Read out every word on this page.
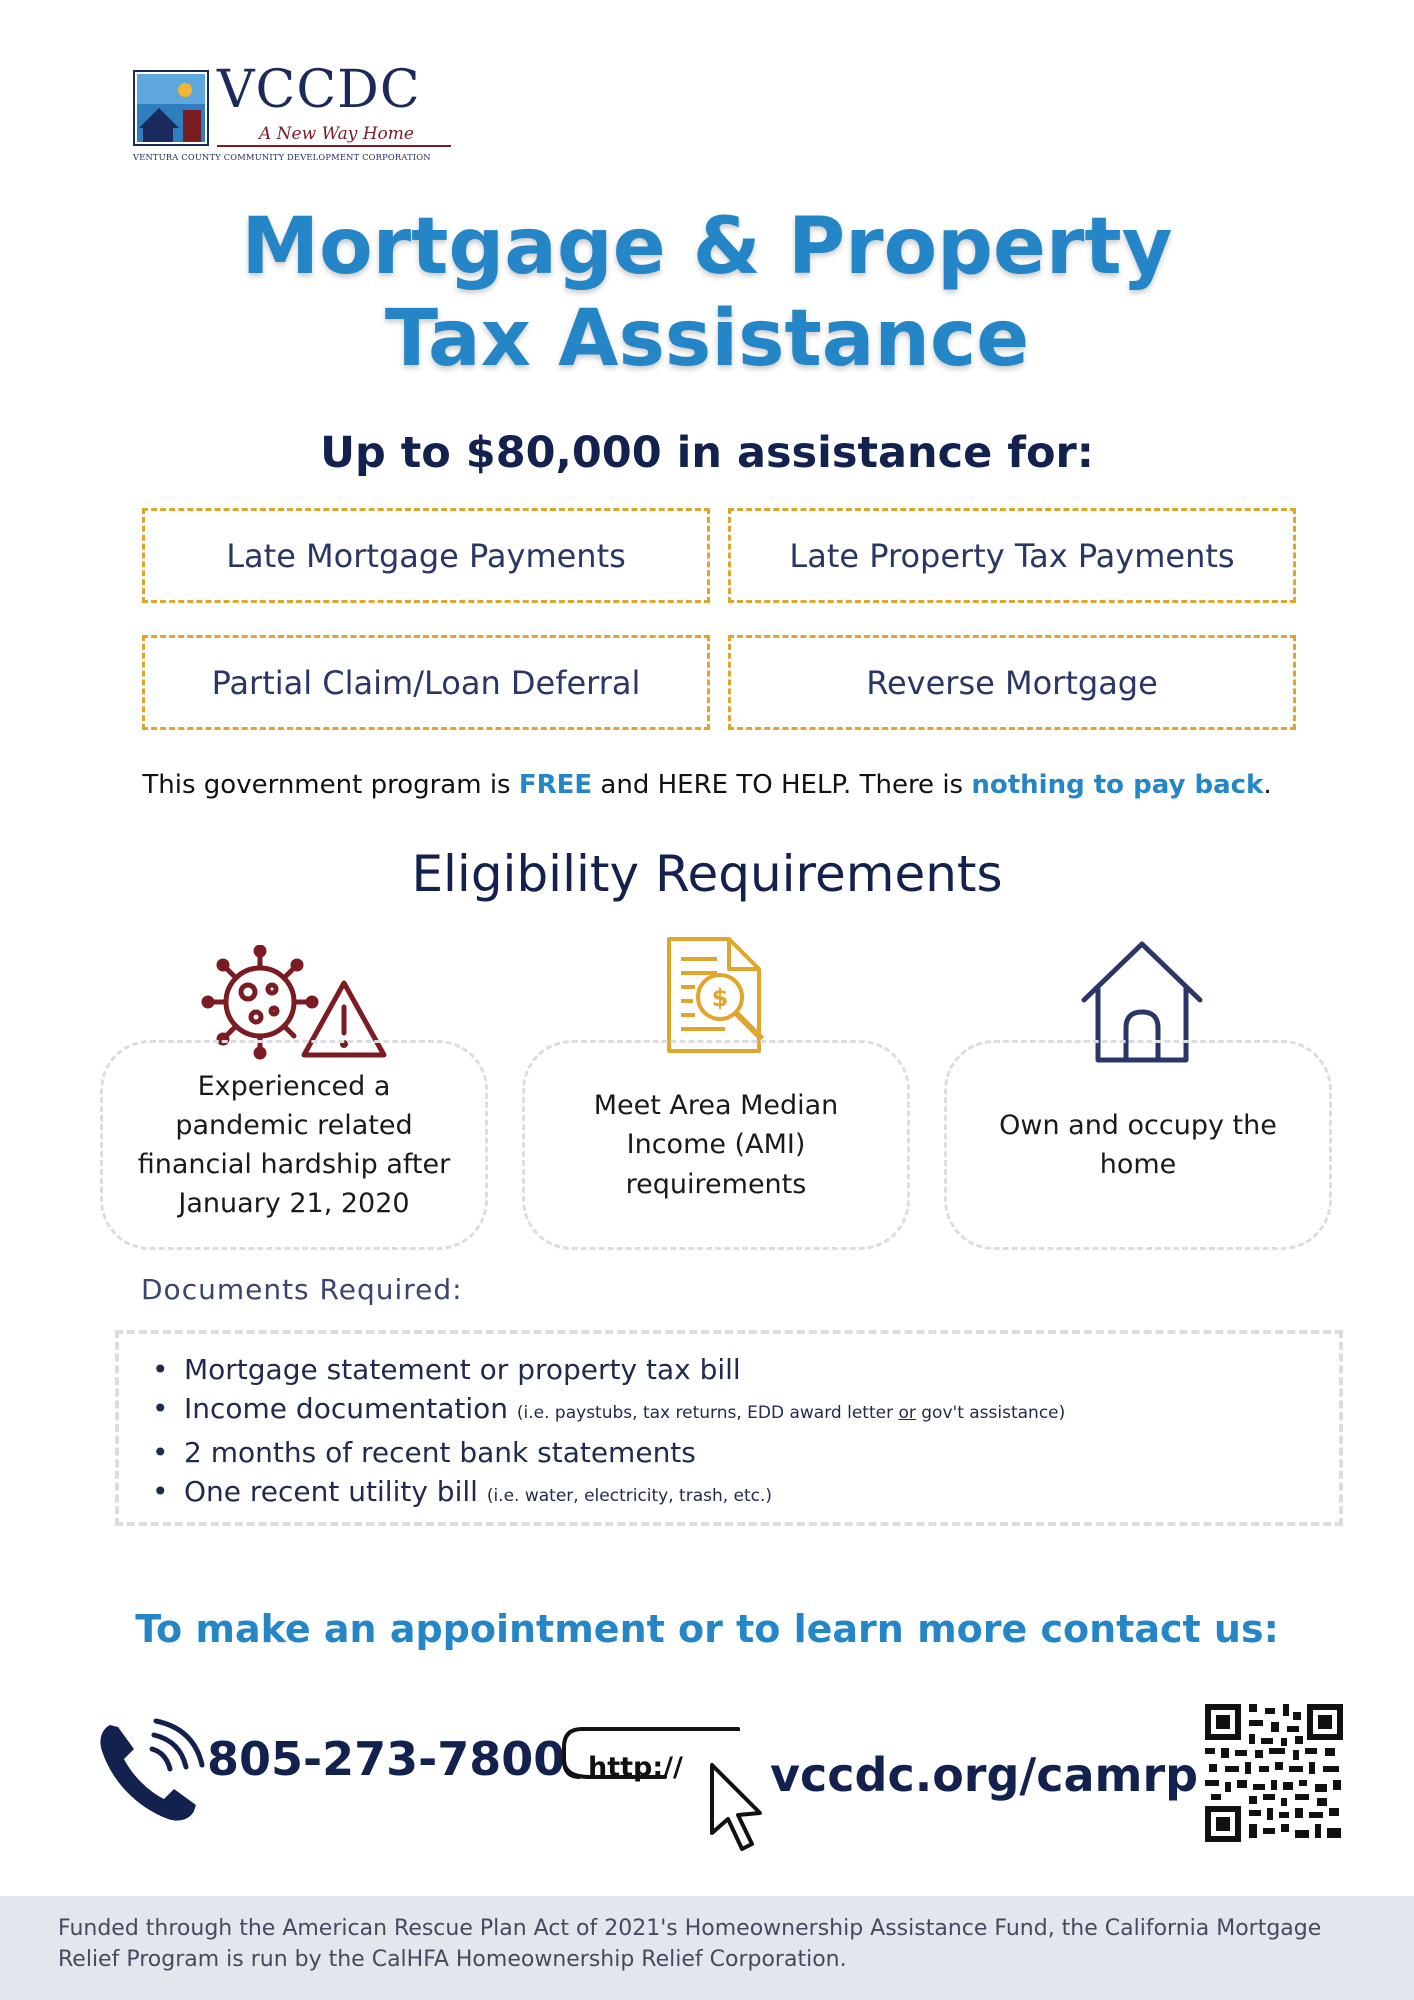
VCCDC
A New Way Home
VENTURA COUNTY COMMUNITY DEVELOPMENT CORPORATION
Mortgage & Property
Tax Assistance
Up to $80,000 in assistance for:
Late Mortgage Payments	Late Property Tax Payments
Partial Claim/Loan Deferral	Reverse Mortgage
This government program is FREE and HERE TO HELP. There is nothing to pay back.
Eligibility Requirements
$
Experienced a pandemic related financial hardship after January 21, 2020
Meet Area Median Income (AMI) requirements
Own and occupy the home
Documents Required:
• Mortgage statement or property tax bill
• Income documentation (i.e. paystubs, tax returns, EDD award letter or gov't assistance)
• 2 months of recent bank statements
• One recent utility bill (i.e. water, electricity, trash, etc.)
To make an appointment or to learn more contact us:
805-273-7800 http:// vccdc.org/camrp
Funded through the American Rescue Plan Act of 2021's Homeownership Assistance Fund, the California Mortgage Relief Program is run by the CalHFA Homeownership Relief Corporation.
